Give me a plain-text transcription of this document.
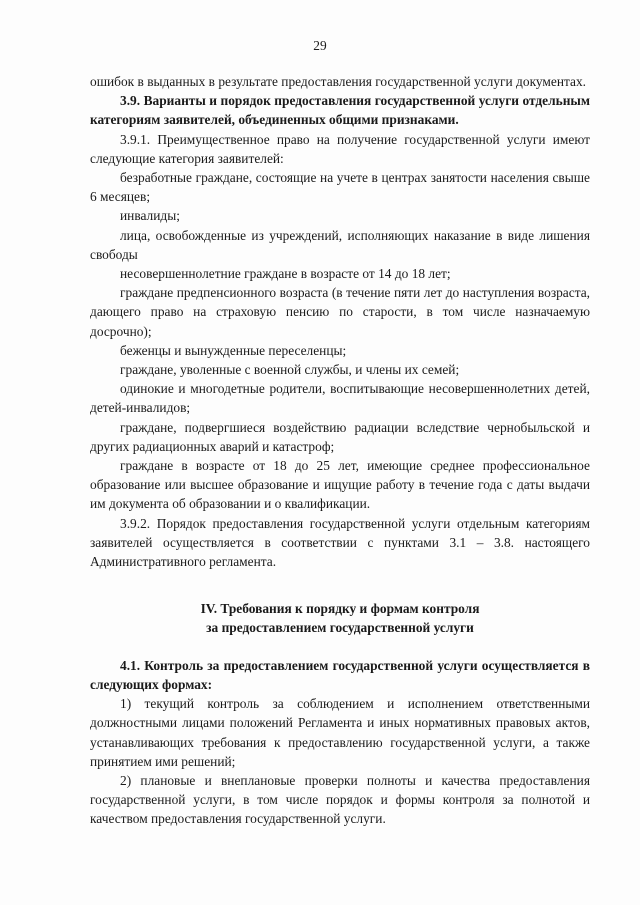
29

ошибок в выданных в результате предоставления государственной услуги документах.

3.9. Варианты и порядок предоставления государственной услуги отдельным категориям заявителей, объединенных общими признаками.

3.9.1. Преимущественное право на получение государственной услуги имеют следующие категория заявителей:

безработные граждане, состоящие на учете в центрах занятости населения свыше 6 месяцев;

инвалиды;

лица, освобожденные из учреждений, исполняющих наказание в виде лишения свободы

несовершеннолетние граждане в возрасте от 14 до 18 лет;

граждане предпенсионного возраста (в течение пяти лет до наступления возраста, дающего право на страховую пенсию по старости, в том числе назначаемую досрочно);

беженцы и вынужденные переселенцы;

граждане, уволенные с военной службы, и члены их семей;

одинокие и многодетные родители, воспитывающие несовершеннолетних детей, детей-инвалидов;

граждане, подвергшиеся воздействию радиации вследствие чернобыльской и других радиационных аварий и катастроф;

граждане в возрасте от 18 до 25 лет, имеющие среднее профессиональное образование или высшее образование и ищущие работу в течение года с даты выдачи им документа об образовании и о квалификации.

3.9.2. Порядок предоставления государственной услуги отдельным категориям заявителей осуществляется в соответствии с пунктами 3.1 – 3.8. настоящего Административного регламента.

IV. Требования к порядку и формам контроля

за предоставлением государственной услуги

4.1. Контроль за предоставлением государственной услуги осуществляется в следующих формах:

1) текущий контроль за соблюдением и исполнением ответственными должностными лицами положений Регламента и иных нормативных правовых актов, устанавливающих требования к предоставлению государственной услуги, а также принятием ими решений;

2) плановые и внеплановые проверки полноты и качества предоставления государственной услуги, в том числе порядок и формы контроля за полнотой и качеством предоставления государственной услуги.
